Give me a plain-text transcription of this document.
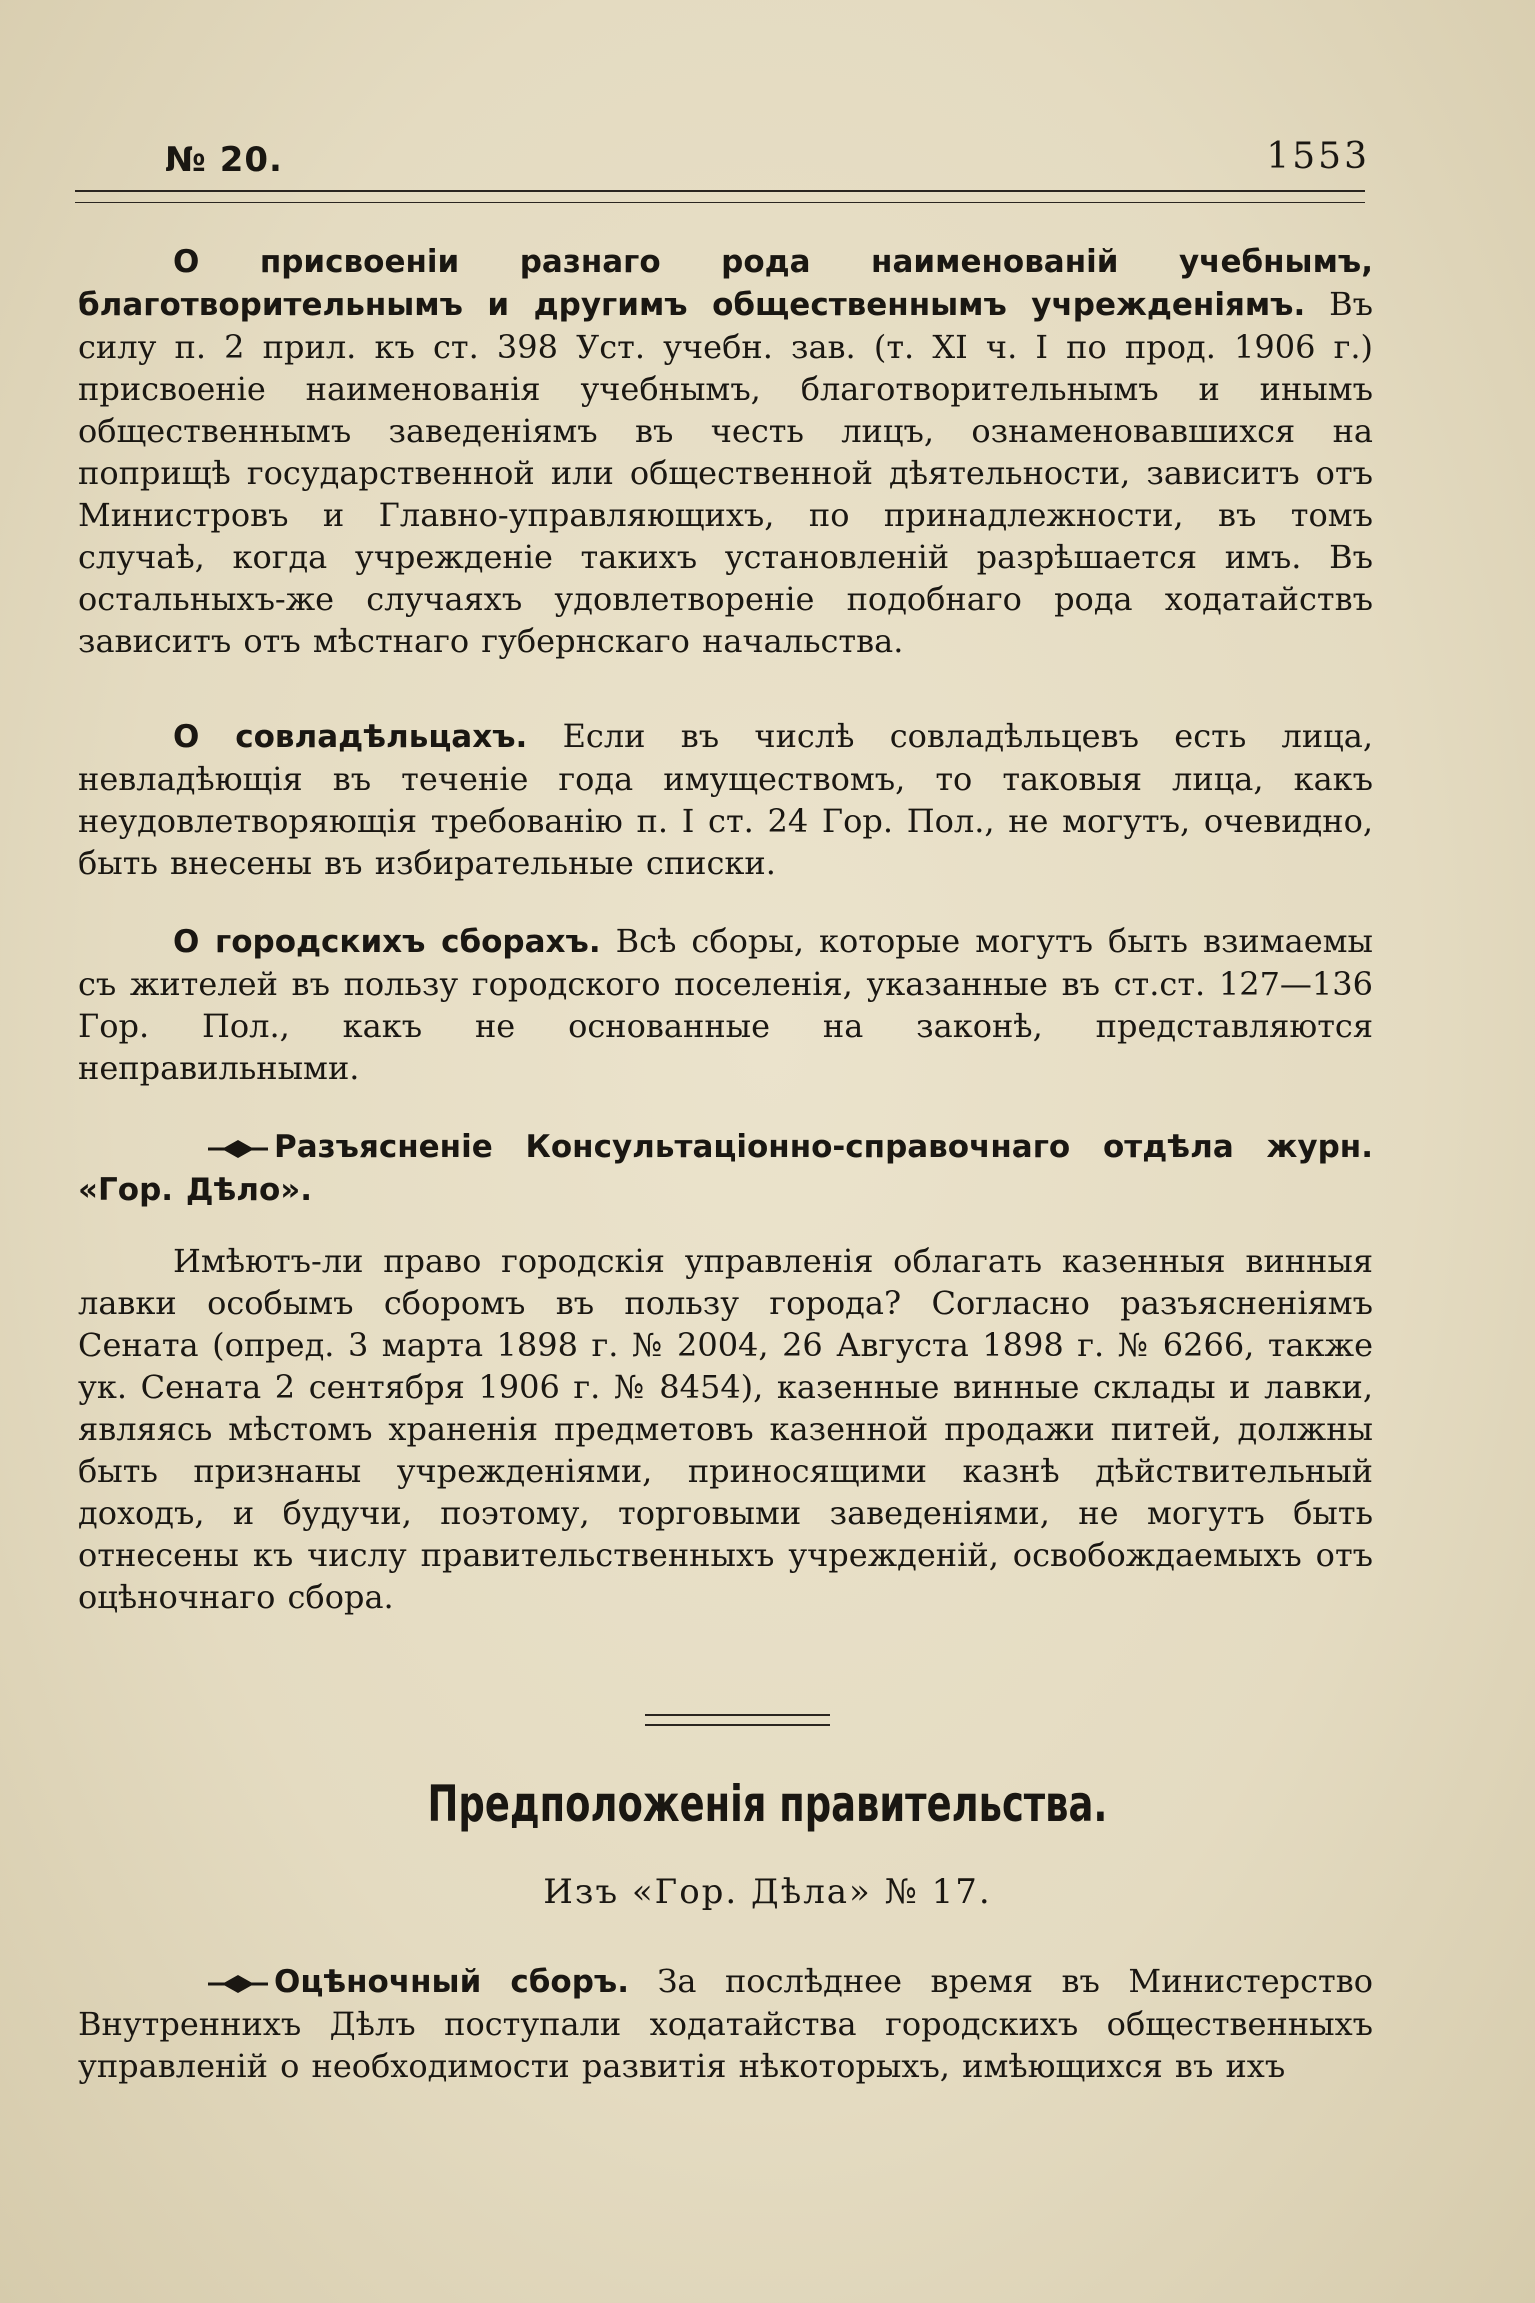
№ 20.	1553
О присвоеніи разнаго рода наименованій учебнымъ, благотворительнымъ и другимъ общественнымъ учрежденіямъ. Въ силу п. 2 прил. къ ст. 398 Уст. учебн. зав. (т. XI ч. I по прод. 1906 г.) присвоеніе наименованія учебнымъ, благотворительнымъ и инымъ общественнымъ заведеніямъ въ честь лицъ, ознаменовавшихся на поприщѣ государственной или общественной дѣятельности, зависитъ отъ Министровъ и Главно-управляющихъ, по принадлежности, въ томъ случаѣ, когда учрежденіе такихъ установленій разрѣшается имъ. Въ остальныхъ-же случаяхъ удовлетвореніе подобнаго рода ходатайствъ зависитъ отъ мѣстнаго губернскаго начальства.
О совладѣльцахъ. Если въ числѣ совладѣльцевъ есть лица, невладѣющія въ теченіе года имуществомъ, то таковыя лица, какъ неудовлетворяющія требованію п. I ст. 24 Гор. Пол., не могутъ, очевидно, быть внесены въ избирательные списки.
О городскихъ сборахъ. Всѣ сборы, которые могутъ быть взимаемы съ жителей въ пользу городского поселенія, указанные въ ст.ст. 127—136 Гор. Пол., какъ не основанные на законѣ, представляются неправильными.
Разъясненіе Консультаціонно-справочнаго отдѣла журн. «Гор. Дѣло».
Имѣютъ-ли право городскія управленія облагать казенныя винныя лавки особымъ сборомъ въ пользу города? Согласно разъясненіямъ Сената (опред. 3 марта 1898 г. № 2004, 26 Августа 1898 г. № 6266, также ук. Сената 2 сентября 1906 г. № 8454), казенные винные склады и лавки, являясь мѣстомъ храненія предметовъ казенной продажи питей, должны быть признаны учрежденіями, приносящими казнѣ дѣйствительный доходъ, и будучи, поэтому, торговыми заведеніями, не могутъ быть отнесены къ числу правительственныхъ учрежденій, освобождаемыхъ отъ оцѣночнаго сбора.
Предположенія правительства.
Изъ «Гор. Дѣла» № 17.
Оцѣночный сборъ. За послѣднее время въ Министерство Внутреннихъ Дѣлъ поступали ходатайства городскихъ общественныхъ управленій о необходимости развитія нѣкоторыхъ, имѣющихся въ ихъ
